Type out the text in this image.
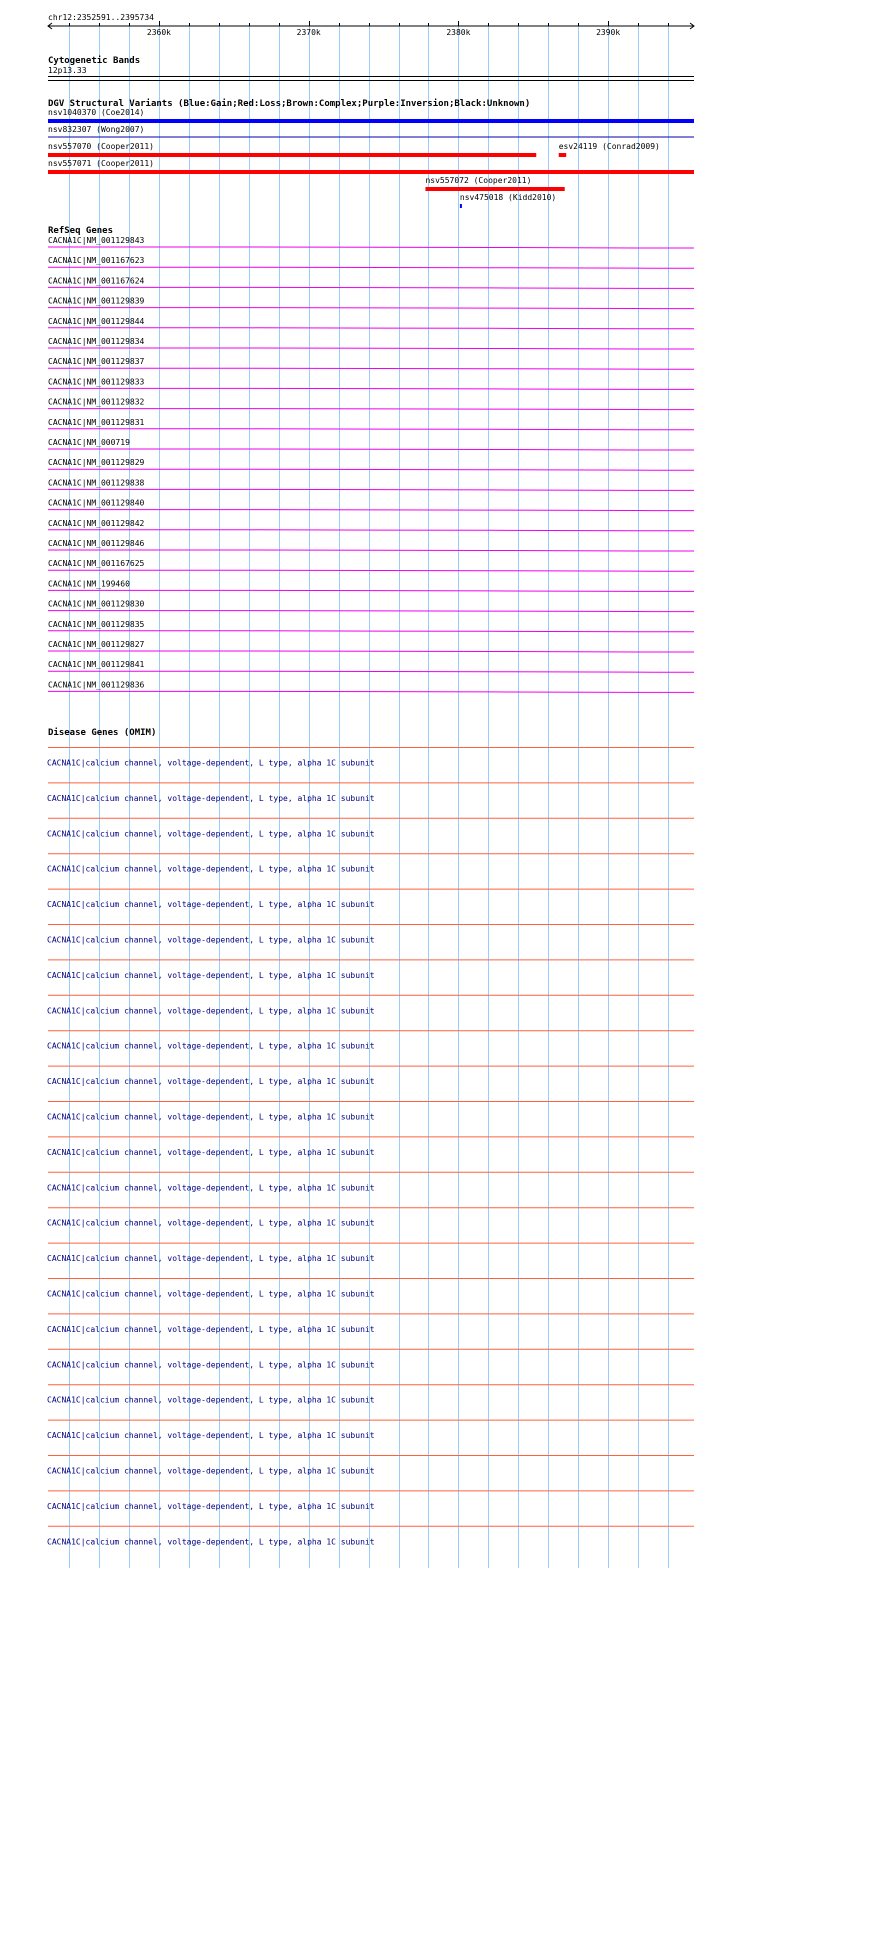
chr12:2352591..2395734
2360k	2370k	2380k	2390k
Cytogenetic Bands
12p13.33
DGV Structural Variants (Blue:Gain;Red:Loss;Brown:Complex;Purple:Inversion;Black:Unknown)
nsv1040370 (Coe2014)
nsv832307 (Wong2007)
nsv557070 (Cooper2011)	esv24119 (Conrad2009)
nsv557071 (Cooper2011)
nsv557072 (Cooper2011)
nsv475018 (Kidd2010)
RefSeq Genes
CACNA1C|NM_001129843
CACNA1C|NM_001167623
CACNA1C|NM_001167624
CACNA1C|NM_001129839
CACNA1C|NM_001129844
CACNA1C|NM_001129834
CACNA1C|NM_001129837
CACNA1C|NM_001129833
CACNA1C|NM_001129832
CACNA1C|NM_001129831
CACNA1C|NM_000719
CACNA1C|NM_001129829
CACNA1C|NM_001129838
CACNA1C|NM_001129840
CACNA1C|NM_001129842
CACNA1C|NM_001129846
CACNA1C|NM_001167625
CACNA1C|NM_199460
CACNA1C|NM_001129830
CACNA1C|NM_001129835
CACNA1C|NM_001129827
CACNA1C|NM_001129841
CACNA1C|NM_001129836
Disease Genes (OMIM)
CACNA1C|calcium channel, voltage-dependent, L type, alpha 1C subunit
CACNA1C|calcium channel, voltage-dependent, L type, alpha 1C subunit
CACNA1C|calcium channel, voltage-dependent, L type, alpha 1C subunit
CACNA1C|calcium channel, voltage-dependent, L type, alpha 1C subunit
CACNA1C|calcium channel, voltage-dependent, L type, alpha 1C subunit
CACNA1C|calcium channel, voltage-dependent, L type, alpha 1C subunit
CACNA1C|calcium channel, voltage-dependent, L type, alpha 1C subunit
CACNA1C|calcium channel, voltage-dependent, L type, alpha 1C subunit
CACNA1C|calcium channel, voltage-dependent, L type, alpha 1C subunit
CACNA1C|calcium channel, voltage-dependent, L type, alpha 1C subunit
CACNA1C|calcium channel, voltage-dependent, L type, alpha 1C subunit
CACNA1C|calcium channel, voltage-dependent, L type, alpha 1C subunit
CACNA1C|calcium channel, voltage-dependent, L type, alpha 1C subunit
CACNA1C|calcium channel, voltage-dependent, L type, alpha 1C subunit
CACNA1C|calcium channel, voltage-dependent, L type, alpha 1C subunit
CACNA1C|calcium channel, voltage-dependent, L type, alpha 1C subunit
CACNA1C|calcium channel, voltage-dependent, L type, alpha 1C subunit
CACNA1C|calcium channel, voltage-dependent, L type, alpha 1C subunit
CACNA1C|calcium channel, voltage-dependent, L type, alpha 1C subunit
CACNA1C|calcium channel, voltage-dependent, L type, alpha 1C subunit
CACNA1C|calcium channel, voltage-dependent, L type, alpha 1C subunit
CACNA1C|calcium channel, voltage-dependent, L type, alpha 1C subunit
CACNA1C|calcium channel, voltage-dependent, L type, alpha 1C subunit
